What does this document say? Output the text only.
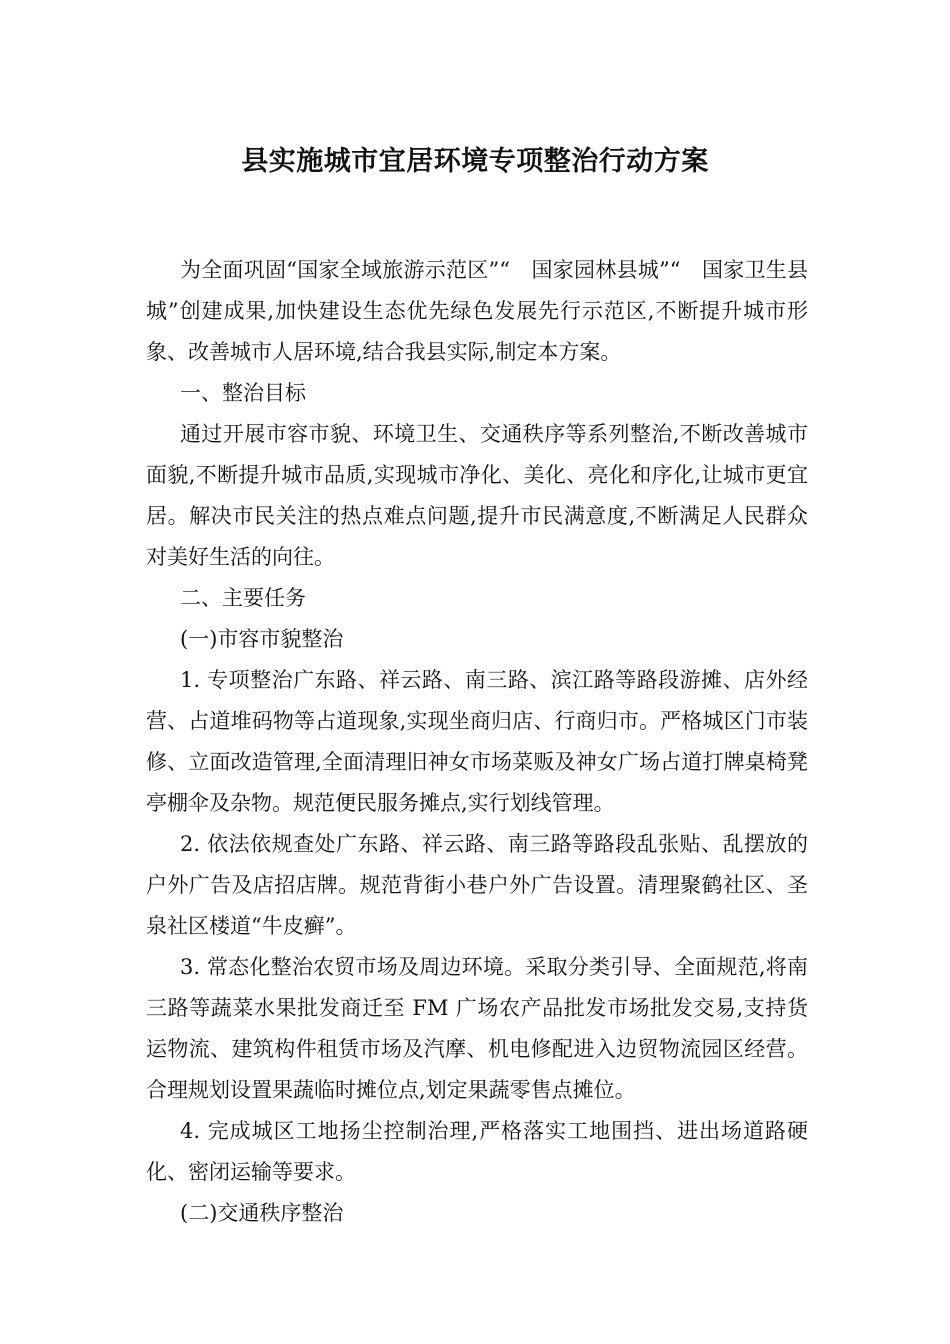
县实施城市宜居环境专项整治行动方案

为全面巩固“国家全域旅游示范区”“　国家园林县城”“　国家卫生县城”创建成果,加快建设生态优先绿色发展先行示范区,不断提升城市形象、改善城市人居环境,结合我县实际,制定本方案。

一、整治目标

通过开展市容市貌、环境卫生、交通秩序等系列整治,不断改善城市面貌,不断提升城市品质,实现城市净化、美化、亮化和序化,让城市更宜居。解决市民关注的热点难点问题,提升市民满意度,不断满足人民群众对美好生活的向往。

二、主要任务

(一)市容市貌整治

1. 专项整治广东路、祥云路、南三路、滨江路等路段游摊、店外经营、占道堆码物等占道现象,实现坐商归店、行商归市。严格城区门市装修、立面改造管理,全面清理旧神女市场菜贩及神女广场占道打牌桌椅凳亭棚伞及杂物。规范便民服务摊点,实行划线管理。

2. 依法依规查处广东路、祥云路、南三路等路段乱张贴、乱摆放的户外广告及店招店牌。规范背街小巷户外广告设置。清理聚鹤社区、圣泉社区楼道“牛皮癣”。

3. 常态化整治农贸市场及周边环境。采取分类引导、全面规范,将南三路等蔬菜水果批发商迁至 FM 广场农产品批发市场批发交易,支持货运物流、建筑构件租赁市场及汽摩、机电修配进入边贸物流园区经营。合理规划设置果蔬临时摊位点,划定果蔬零售点摊位。

4. 完成城区工地扬尘控制治理,严格落实工地围挡、进出场道路硬化、密闭运输等要求。

(二)交通秩序整治
